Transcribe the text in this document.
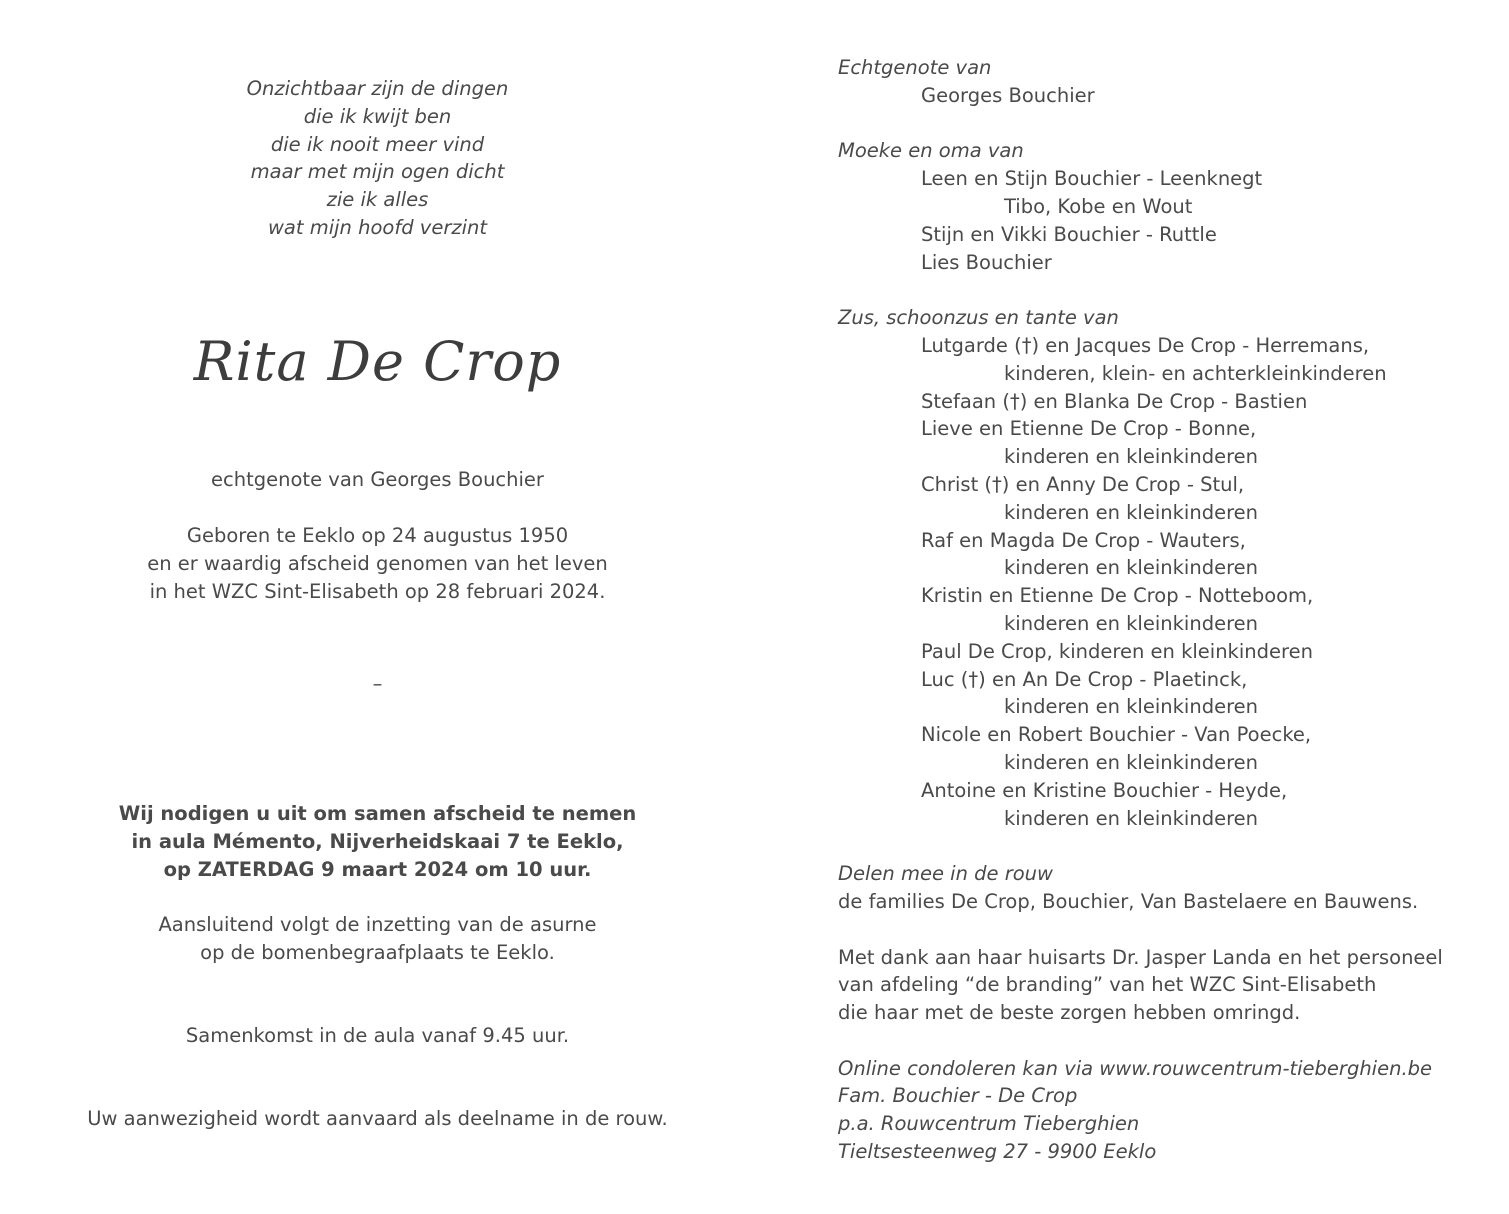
Onzichtbaar zijn de dingen
die ik kwijt ben
die ik nooit meer vind
maar met mijn ogen dicht
zie ik alles
wat mijn hoofd verzint
Rita De Crop
echtgenote van Georges Bouchier
Geboren te Eeklo op 24 augustus 1950
en er waardig afscheid genomen van het leven
in het WZC Sint-Elisabeth op 28 februari 2024.
–
Wij nodigen u uit om samen afscheid te nemen
in aula Mémento, Nijverheidskaai 7 te Eeklo,
op ZATERDAG 9 maart 2024 om 10 uur.
Aansluitend volgt de inzetting van de asurne
op de bomenbegraafplaats te Eeklo.
Samenkomst in de aula vanaf 9.45 uur.
Uw aanwezigheid wordt aanvaard als deelname in de rouw.
Echtgenote van
Georges Bouchier
Moeke en oma van
Leen en Stijn Bouchier - Leenknegt
Tibo, Kobe en Wout
Stijn en Vikki Bouchier - Ruttle
Lies Bouchier
Zus, schoonzus en tante van
Lutgarde (†) en Jacques De Crop - Herremans,
kinderen, klein- en achterkleinkinderen
Stefaan (†) en Blanka De Crop - Bastien
Lieve en Etienne De Crop - Bonne,
kinderen en kleinkinderen
Christ (†) en Anny De Crop - Stul,
kinderen en kleinkinderen
Raf en Magda De Crop - Wauters,
kinderen en kleinkinderen
Kristin en Etienne De Crop - Notteboom,
kinderen en kleinkinderen
Paul De Crop, kinderen en kleinkinderen
Luc (†) en An De Crop - Plaetinck,
kinderen en kleinkinderen
Nicole en Robert Bouchier - Van Poecke,
kinderen en kleinkinderen
Antoine en Kristine Bouchier - Heyde,
kinderen en kleinkinderen
Delen mee in de rouw
de families De Crop, Bouchier, Van Bastelaere en Bauwens.
Met dank aan haar huisarts Dr. Jasper Landa en het personeel
van afdeling “de branding” van het WZC Sint-Elisabeth
die haar met de beste zorgen hebben omringd.
Online condoleren kan via www.rouwcentrum-tieberghien.be
Fam. Bouchier - De Crop
p.a. Rouwcentrum Tieberghien
Tieltsesteenweg 27 - 9900 Eeklo
